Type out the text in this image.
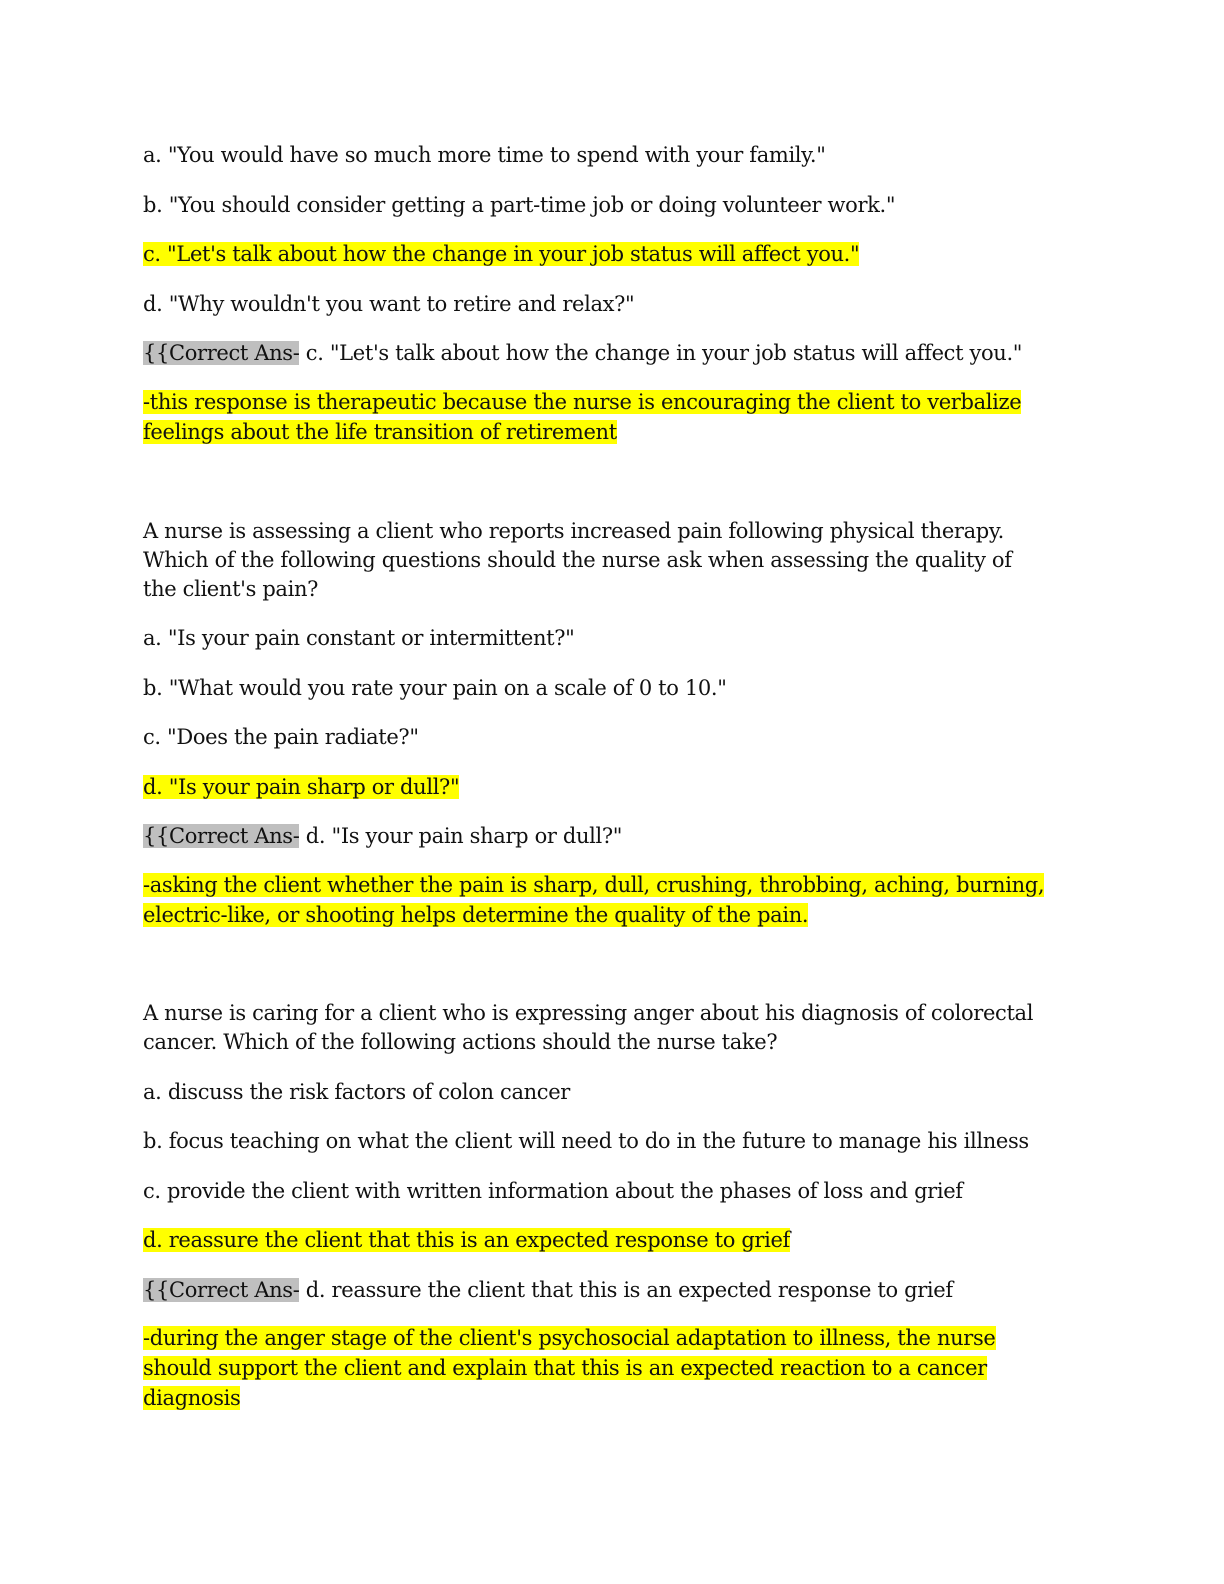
a. "You would have so much more time to spend with your family."
b. "You should consider getting a part-time job or doing volunteer work."
c. "Let's talk about how the change in your job status will affect you."
d. "Why wouldn't you want to retire and relax?"
{{Correct Ans- c. "Let's talk about how the change in your job status will affect you."
-this response is therapeutic because the nurse is encouraging the client to verbalize
feelings about the life transition of retirement
A nurse is assessing a client who reports increased pain following physical therapy.
Which of the following questions should the nurse ask when assessing the quality of
the client's pain?
a. "Is your pain constant or intermittent?"
b. "What would you rate your pain on a scale of 0 to 10."
c. "Does the pain radiate?"
d. "Is your pain sharp or dull?"
{{Correct Ans- d. "Is your pain sharp or dull?"
-asking the client whether the pain is sharp, dull, crushing, throbbing, aching, burning,
electric-like, or shooting helps determine the quality of the pain.
A nurse is caring for a client who is expressing anger about his diagnosis of colorectal
cancer. Which of the following actions should the nurse take?
a. discuss the risk factors of colon cancer
b. focus teaching on what the client will need to do in the future to manage his illness
c. provide the client with written information about the phases of loss and grief
d. reassure the client that this is an expected response to grief
{{Correct Ans- d. reassure the client that this is an expected response to grief
-during the anger stage of the client's psychosocial adaptation to illness, the nurse
should support the client and explain that this is an expected reaction to a cancer
diagnosis
